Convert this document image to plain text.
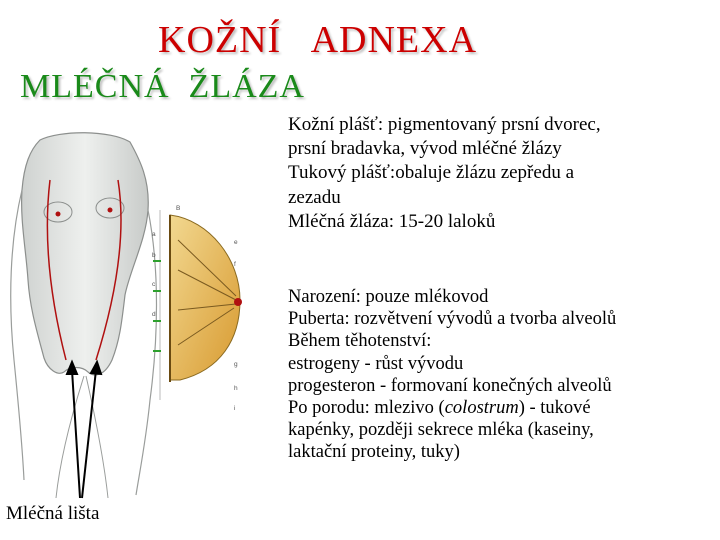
KOŽNÍ   ADNEXA
MLÉČNÁ  ŽLÁZA
Kožní plášť: pigmentovaný prsní dvorec,
prsní bradavka, vývod mléčné žlázy
Tukový plášť:obaluje žlázu zepředu a
zezadu
Mléčná žláza: 15-20 laloků
Narození: pouze mlékovod
Puberta: rozvětvení vývodů a tvorba alveolů
Během těhotenství:
estrogeny - růst vývodu
progesteron - formovaní konečných alveolů
Po porodu: mlezivo (colostrum) - tukové
kapénky, později sekrece mléka (kaseiny,
laktační proteiny, tuky)
B
a
b
c
d
e
f
g
h
i
Mléčná lišta
